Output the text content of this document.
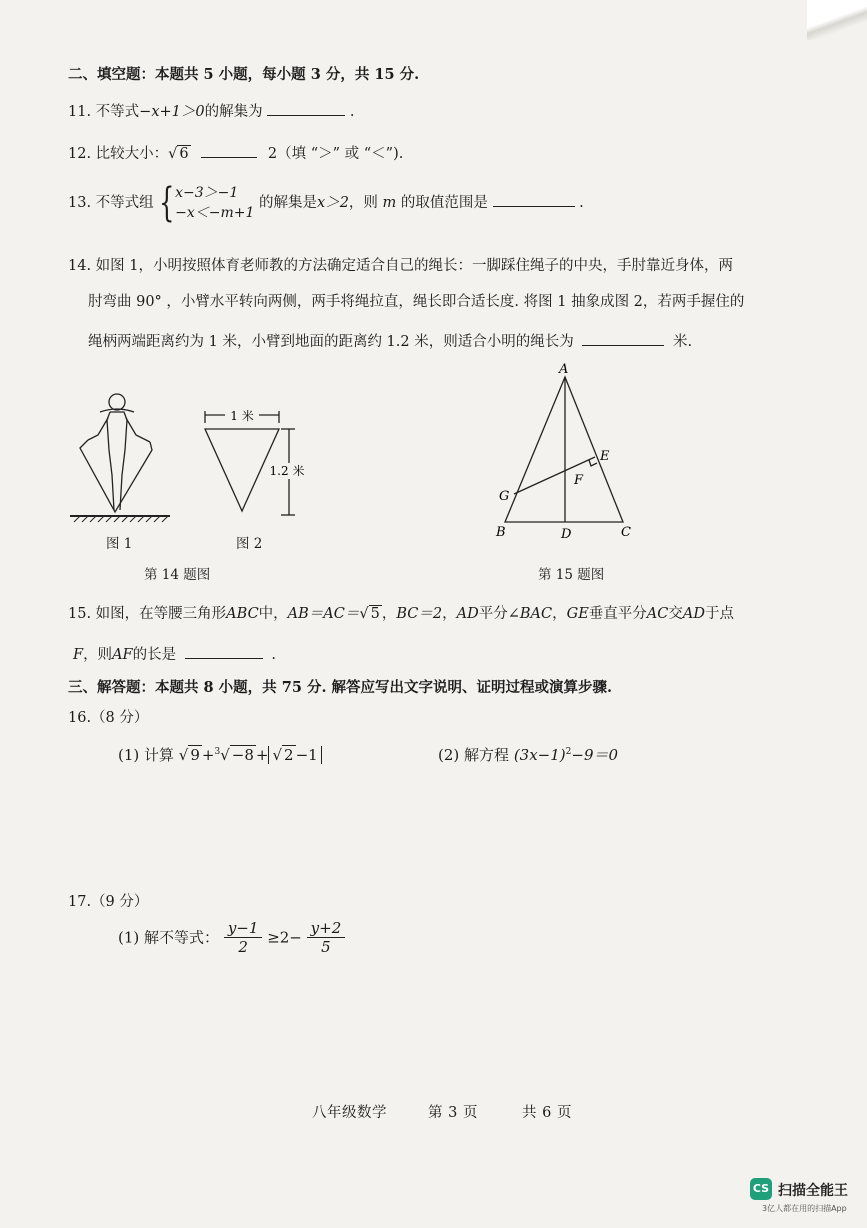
二、填空题：本题共 5 小题，每小题 3 分，共 15 分.
11. 不等式−x+1＞0的解集为	.
12. 比较大小：√ 6	2（填 “＞” 或 “＜”).
13. 不等式组 { x−3＞−1
−x＜−m+1
的解集是x＞2，则 m 的取值范围是	.
14. 如图 1，小明按照体育老师教的方法确定适合自己的绳长：一脚踩住绳子的中央，手肘靠近身体，两
肘弯曲 90° ，小臂水平转向两侧，两手将绳拉直，绳长即合适长度. 将图 1 抽象成图 2，若两手握住的
绳柄两端距离约为 1 米，小臂到地面的距离约 1.2 米，则适合小明的绳长为	米.
图 1
1 米
1.2 米
图 2
第 14 题图
A
B	C
D
E
F
G
第 15 题图
15. 如图，在等腰三角形ABC中，AB＝AC＝√ 5 ，BC＝2，AD平分∠BAC，GE垂直平分AC交AD于点
F，则AF的长是	.
三、解答题：本题共 8 小题，共 75 分. 解答应写出文字说明、证明过程或演算步骤.
16.（8 分）
(1) 计算 √ 9 +$^3$√ −8 + √ 2 −1	(2) 解方程 $(3x-1)^2-9=0$
17.（9 分）
(1) 解不等式： $\frac{y-1}{2} \ge 2- \frac{y+2}{5}$
八年级数学	第 3 页	共 6 页
CS 扫描全能王
3亿人都在用的扫描App
